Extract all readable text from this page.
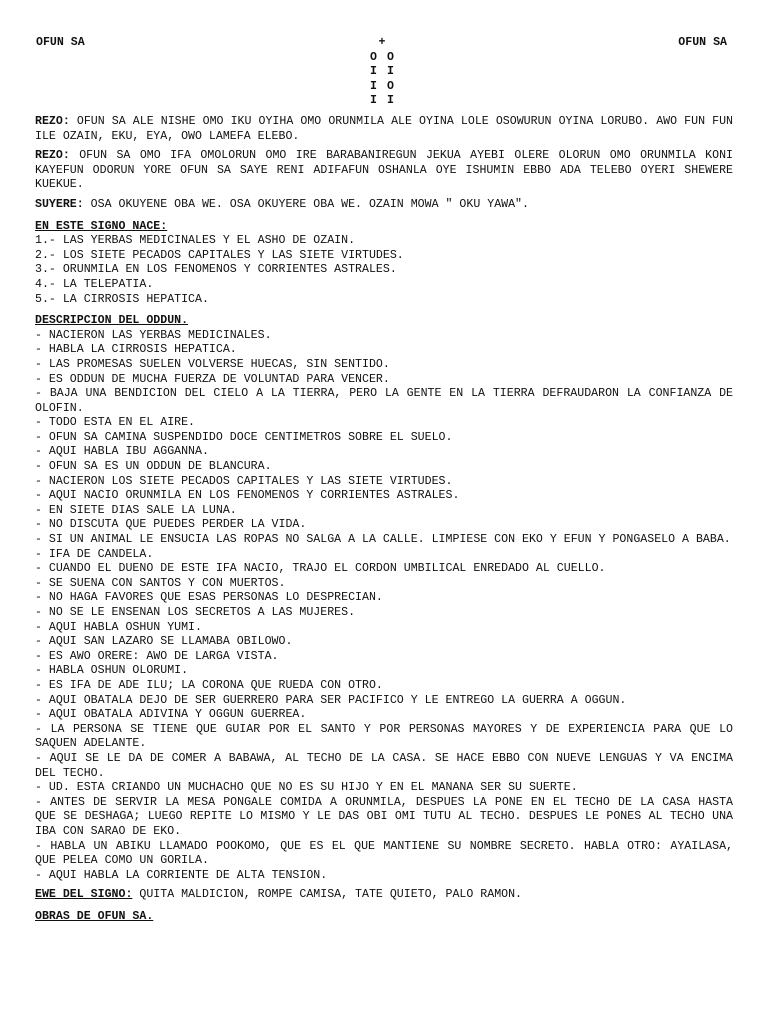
OFUN SA	+
O O
I I
I O
I I
OFUN SA

REZO: OFUN SA ALE NISHE OMO IKU OYIHA OMO ORUNMILA ALE OYINA LOLE OSOWURUN OYINA LORUBO. AWO FUN FUN ILE OZAIN, EKU, EYA, OWO LAMEFA ELEBO.

REZO: OFUN SA OMO IFA OMOLORUN OMO IRE BARABANIREGUN JEKUA AYEBI OLERE OLORUN OMO ORUNMILA KONI KAYEFUN ODORUN YORE OFUN SA SAYE RENI ADIFAFUN OSHANLA OYE ISHUMIN EBBO ADA TELEBO OYERI SHEWERE KUEKUE.

SUYERE: OSA OKUYENE OBA WE. OSA OKUYERE OBA WE. OZAIN MOWA " OKU YAWA".

EN ESTE SIGNO NACE:
1.- LAS YERBAS MEDICINALES Y EL ASHO DE OZAIN.
2.- LOS SIETE PECADOS CAPITALES Y LAS SIETE VIRTUDES.
3.- ORUNMILA EN LOS FENOMENOS Y CORRIENTES ASTRALES.
4.- LA TELEPATIA.
5.- LA CIRROSIS HEPATICA.
DESCRIPCION DEL ODDUN.
- NACIERON LAS YERBAS MEDICINALES.
- HABLA LA CIRROSIS HEPATICA.
- LAS PROMESAS SUELEN VOLVERSE HUECAS, SIN SENTIDO.
- ES ODDUN DE MUCHA FUERZA DE VOLUNTAD PARA VENCER.
- BAJA UNA BENDICION DEL CIELO A LA TIERRA, PERO LA GENTE EN LA TIERRA DEFRAUDARON LA CONFIANZA DE OLOFIN.
- TODO ESTA EN EL AIRE.
- OFUN SA CAMINA SUSPENDIDO DOCE CENTIMETROS SOBRE EL SUELO.
- AQUI HABLA IBU AGGANNA.
- OFUN SA ES UN ODDUN DE BLANCURA.
- NACIERON LOS SIETE PECADOS CAPITALES Y LAS SIETE VIRTUDES.
- AQUI NACIO ORUNMILA EN LOS FENOMENOS Y CORRIENTES ASTRALES.
- EN SIETE DIAS SALE LA LUNA.
- NO DISCUTA QUE PUEDES PERDER LA VIDA.
- SI UN ANIMAL LE ENSUCIA LAS ROPAS NO SALGA A LA CALLE. LIMPIESE CON EKO Y EFUN Y PONGASELO A BABA.
- IFA DE CANDELA.
- CUANDO EL DUENO DE ESTE IFA NACIO, TRAJO EL CORDON UMBILICAL ENREDADO AL CUELLO.
- SE SUENA CON SANTOS Y CON MUERTOS.
- NO HAGA FAVORES QUE ESAS PERSONAS LO DESPRECIAN.
- NO SE LE ENSENAN LOS SECRETOS A LAS MUJERES.
- AQUI HABLA OSHUN YUMI.
- AQUI SAN LAZARO SE LLAMABA OBILOWO.
- ES AWO ORERE: AWO DE LARGA VISTA.
- HABLA OSHUN OLORUMI.
- ES IFA DE ADE ILU; LA CORONA QUE RUEDA CON OTRO.
- AQUI OBATALA DEJO DE SER GUERRERO PARA SER PACIFICO Y LE ENTREGO LA GUERRA A OGGUN.
- AQUI OBATALA ADIVINA Y OGGUN GUERREA.
- LA PERSONA SE TIENE QUE GUIAR POR EL SANTO Y POR PERSONAS MAYORES Y DE EXPERIENCIA PARA QUE LO SAQUEN ADELANTE.
- AQUI SE LE DA DE COMER A BABAWA, AL TECHO DE LA CASA. SE HACE EBBO CON NUEVE LENGUAS Y VA ENCIMA DEL TECHO.
- UD. ESTA CRIANDO UN MUCHACHO QUE NO ES SU HIJO Y EN EL MANANA SER SU SUERTE.
- ANTES DE SERVIR LA MESA PONGALE COMIDA A ORUNMILA, DESPUES LA PONE EN EL TECHO DE LA CASA HASTA QUE SE DESHAGA; LUEGO REPITE LO MISMO Y LE DAS OBI OMI TUTU AL TECHO. DESPUES LE PONES AL TECHO UNA IBA CON SARAO DE EKO.
- HABLA UN ABIKU LLAMADO POOKOMO, QUE ES EL QUE MANTIENE SU NOMBRE SECRETO. HABLA OTRO: AYAILASA, QUE PELEA COMO UN GORILA.
- AQUI HABLA LA CORRIENTE DE ALTA TENSION.

EWE DEL SIGNO: QUITA MALDICION, ROMPE CAMISA, TATE QUIETO, PALO RAMON.

OBRAS DE OFUN SA.
